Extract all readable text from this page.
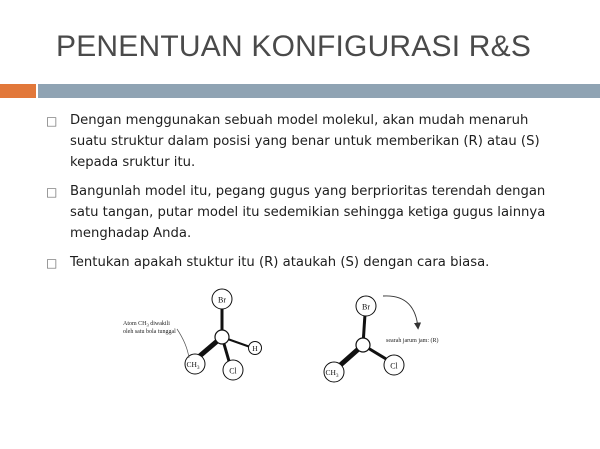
PENENTUAN KONFIGURASI R&S
□ Dengan menggunakan sebuah model molekul, akan mudah menaruh suatu struktur dalam posisi yang benar untuk memberikan (R) atau (S) kepada sruktur itu.
□ Bangunlah model itu, pegang gugus yang berprioritas terendah dengan satu tangan, putar model itu sedemikian sehingga ketiga gugus lainnya menghadap Anda.
□ Tentukan apakah stuktur itu (R) ataukah (S) dengan cara biasa.
Br
$CH_3$	Cl
H
Atom $CH_3$ diwakili
oleh satu bola tunggal
Br
$CH_3$
Cl
searah jarum jam: (R)
